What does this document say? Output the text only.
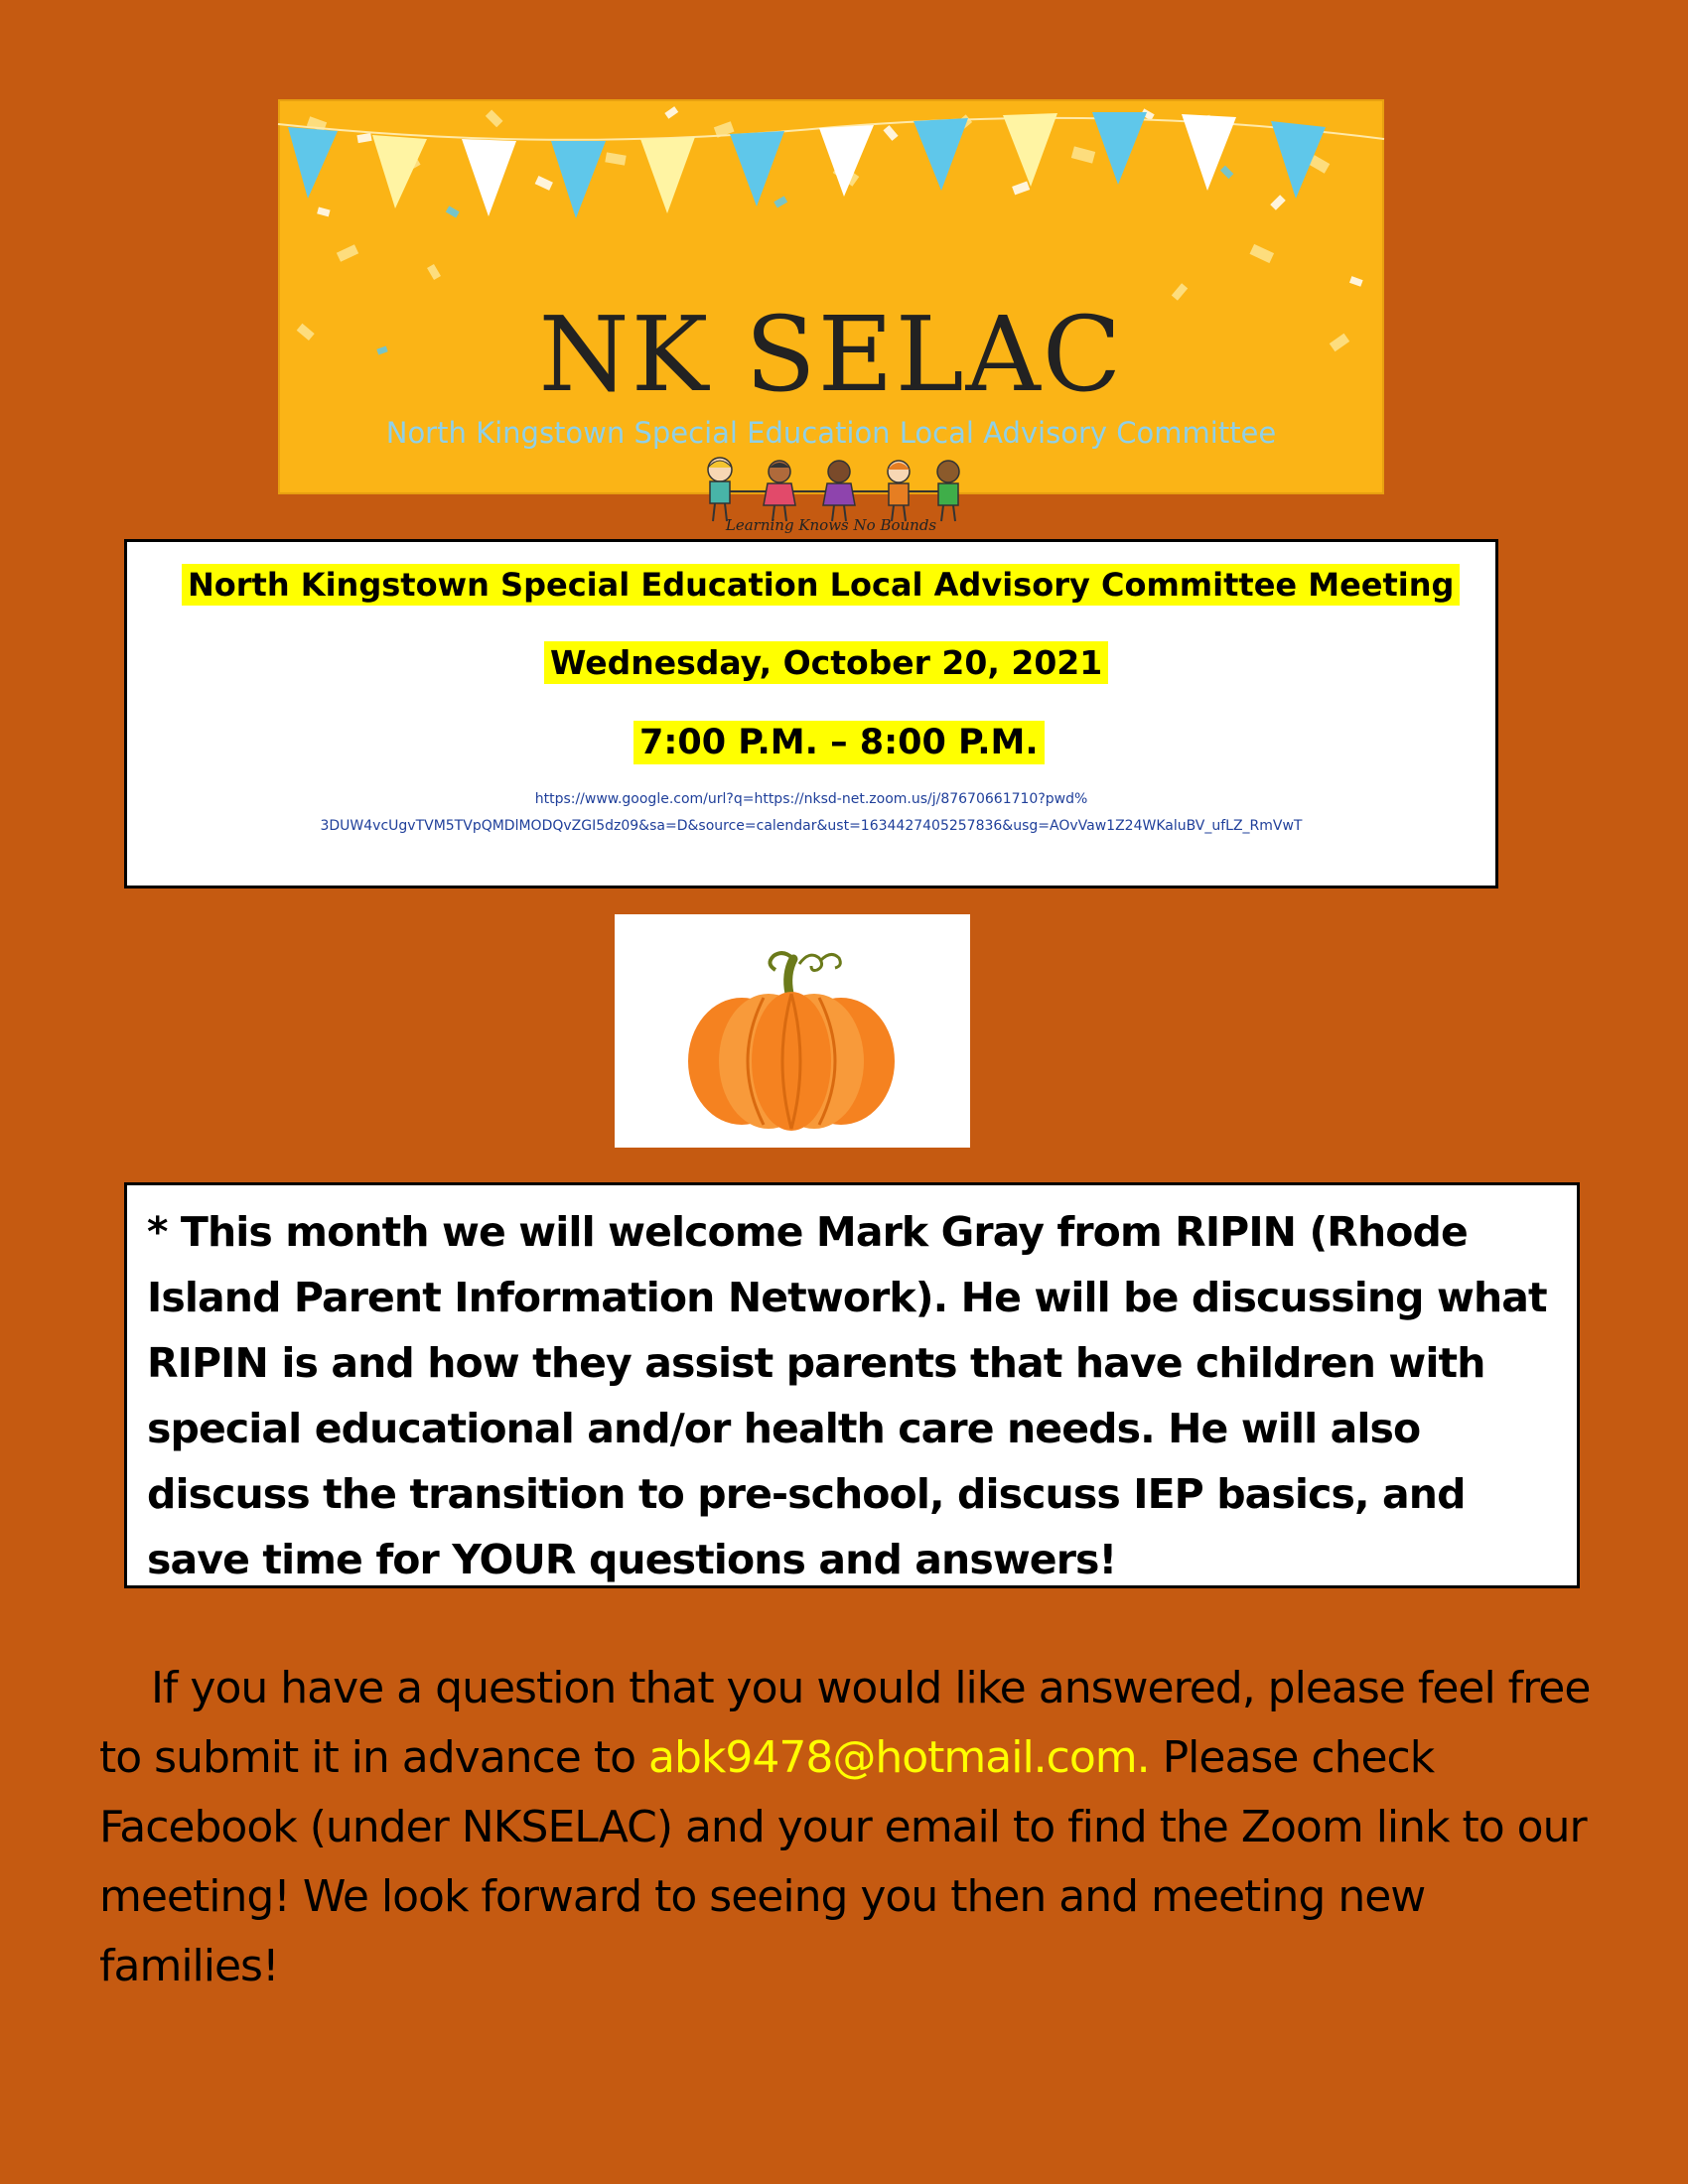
NK SELAC
North Kingstown Special Education Local Advisory Committee
Learning Knows No Bounds
North Kingstown Special Education Local Advisory Committee Meeting
Wednesday, October 20, 2021
7:00 P.M. – 8:00 P.M.
https://www.google.com/url?q=https://nksd-net.zoom.us/j/87670661710?pwd%
3DUW4vcUgvTVM5TVpQMDlMODQvZGI5dz09&sa=D&source=calendar&ust=1634427405257836&usg=AOvVaw1Z24WKaluBV_ufLZ_RmVwT

* This month we will welcome Mark Gray from RIPIN (Rhode Island Parent Information Network). He will be discussing what RIPIN is and how they assist parents that have children with special educational and/or health care needs. He will also discuss the transition to pre-school, discuss IEP basics, and save time for YOUR questions and answers!

If you have a question that you would like answered, please feel free to submit it in advance to abk9478@hotmail.com. Please check Facebook (under NKSELAC) and your email to find the Zoom link to our meeting! We look forward to seeing you then and meeting new families!
